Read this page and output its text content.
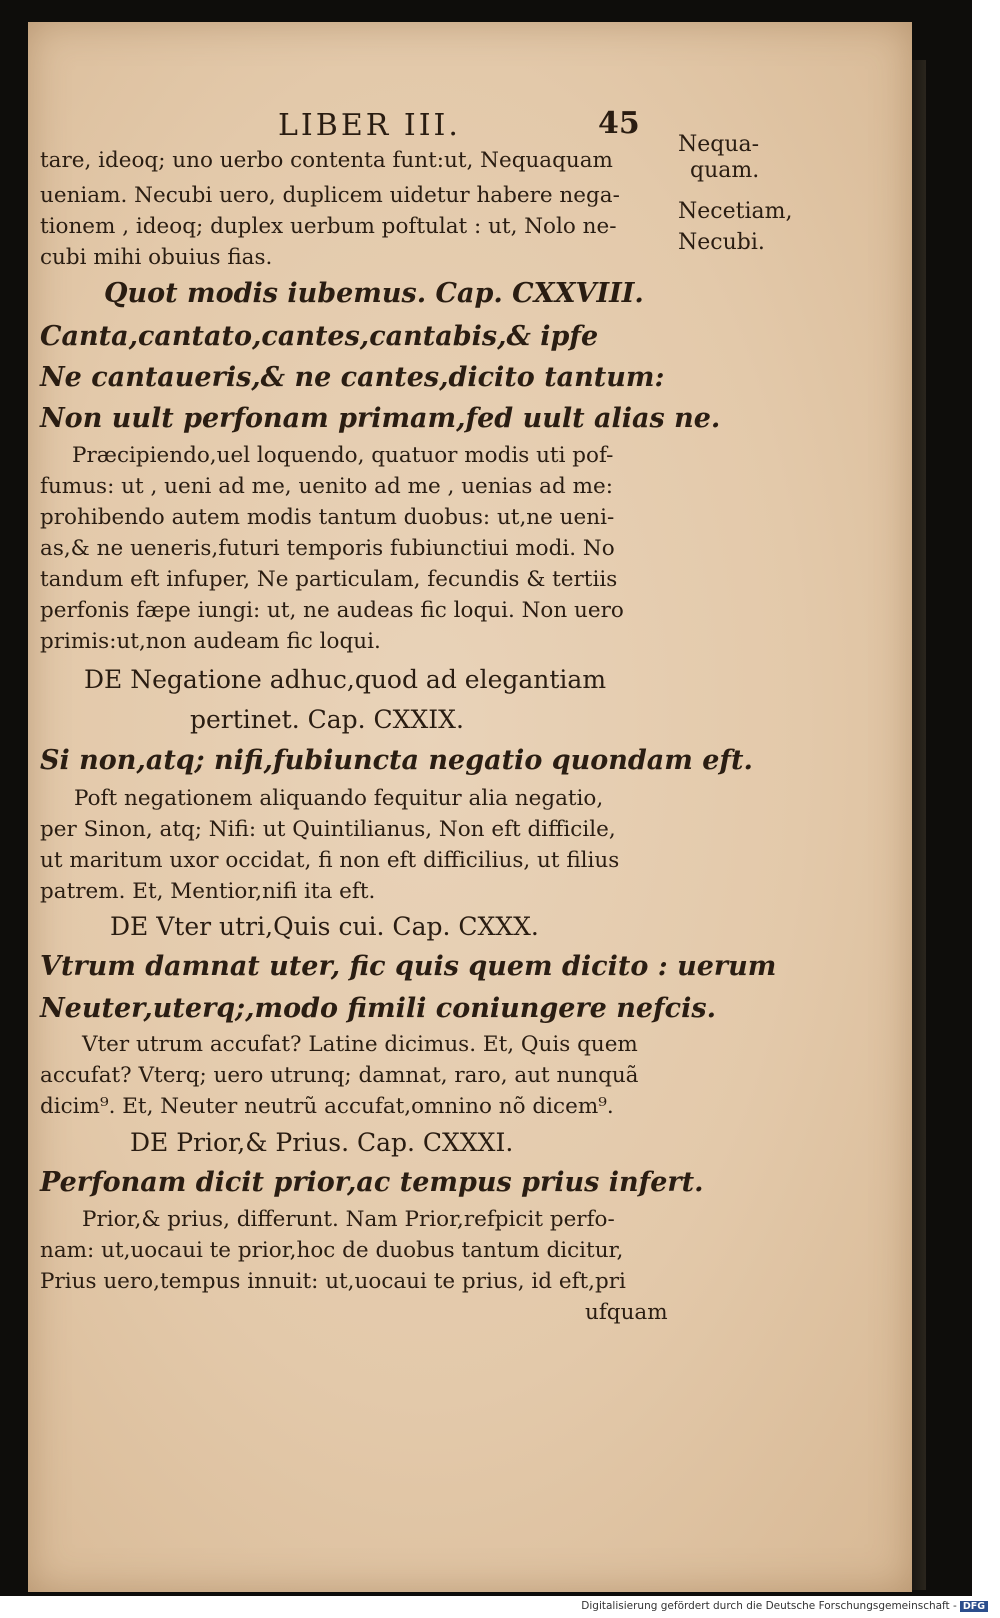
LIBER III.	45
Nequa-
quam.
Necetiam,
Necubi.
tare, ideoq; uno uerbo contenta funt:ut, Nequaquam
ueniam. Necubi uero, duplicem uidetur habere nega-
tionem , ideoq; duplex uerbum poftulat : ut, Nolo ne-
cubi mihi obuius fias.
Quot modis iubemus. Cap. CXXVIII.
Canta,cantato,cantes,cantabis,& ipfe
Ne cantaueris,& ne cantes,dicito tantum:
Non uult perfonam primam,fed uult alias ne.
Præcipiendo,uel loquendo, quatuor modis uti pof-
fumus: ut , ueni ad me, uenito ad me , uenias ad me:
prohibendo autem modis tantum duobus: ut,ne ueni-
as,& ne ueneris,futuri temporis fubiunctiui modi. No
tandum eft infuper, Ne particulam, fecundis & tertiis
perfonis fæpe iungi: ut, ne audeas fic loqui. Non uero
primis:ut,non audeam fic loqui.
DE Negatione adhuc,quod ad elegantiam
pertinet. Cap. CXXIX.
Si non,atq; nifi,fubiuncta negatio quondam eft.
Poft negationem aliquando fequitur alia negatio,
per Sinon, atq; Nifi: ut Quintilianus, Non eft difficile,
ut maritum uxor occidat, fi non eft difficilius, ut filius
patrem. Et, Mentior,nifi ita eft.
DE Vter utri,Quis cui. Cap. CXXX.
Vtrum damnat uter, fic quis quem dicito : uerum
Neuter,uterq;,modo fimili coniungere nefcis.
Vter utrum accufat? Latine dicimus. Et, Quis quem
accufat? Vterq; uero utrunq; damnat, raro, aut nunquã
dicim⁹. Et, Neuter neutrũ accufat,omnino nõ dicem⁹.
DE Prior,& Prius. Cap. CXXXI.
Perfonam dicit prior,ac tempus prius infert.
Prior,& prius, differunt. Nam Prior,refpicit perfo-
nam: ut,uocaui te prior,hoc de duobus tantum dicitur,
Prius uero,tempus innuit: ut,uocaui te prius, id eft,pri
ufquam
Digitalisierung gefördert durch die Deutsche Forschungsgemeinschaft - DFG
